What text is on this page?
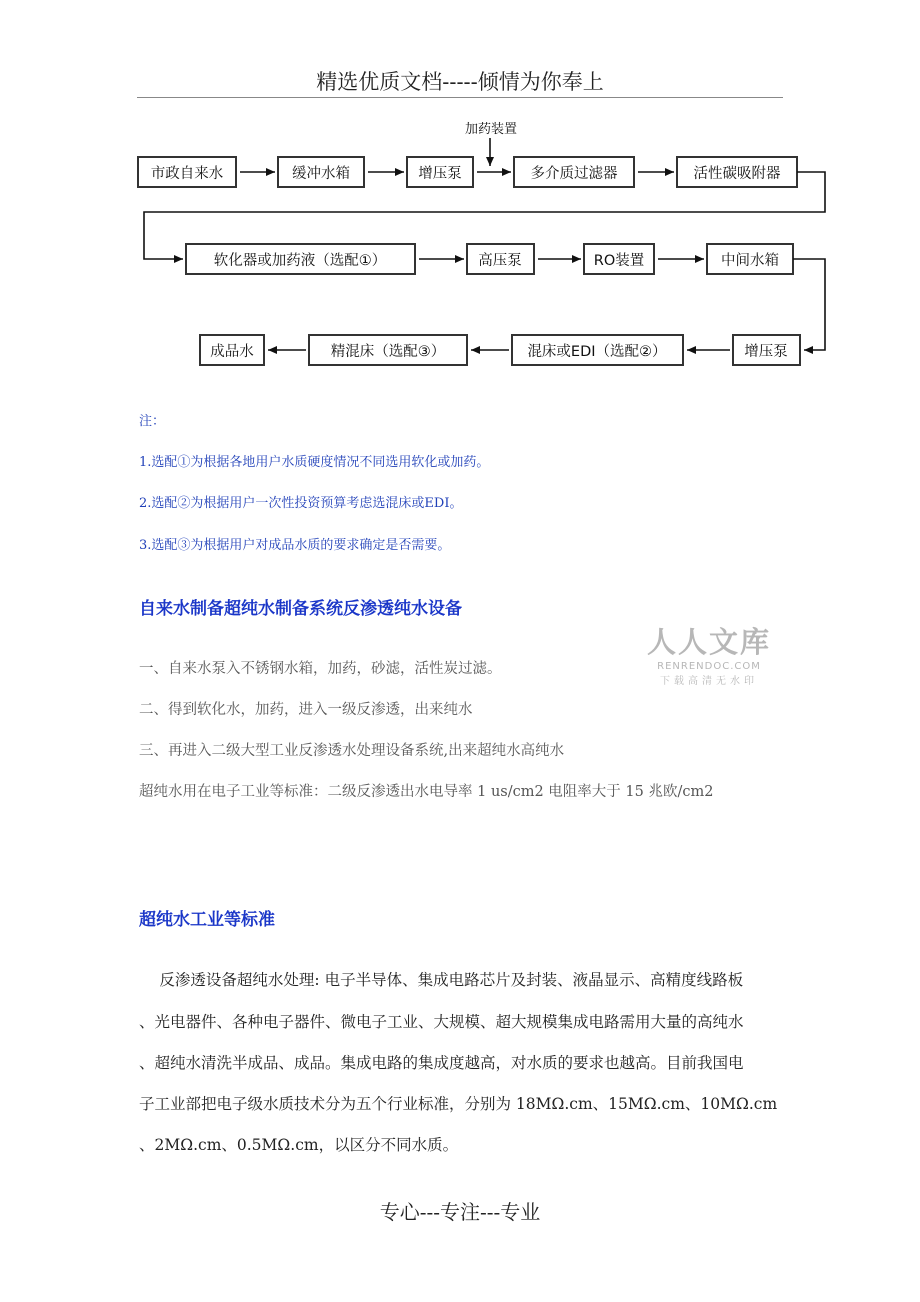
精选优质文档-----倾情为你奉上
加药装置
市政自来水	缓冲水箱	增压泵	多介质过滤器	活性碳吸附器
软化器或加药液（选配①）	高压泵	RO装置	中间水箱
成品水	精混床（选配③）	混床或EDI（选配②）	增压泵
注：
1.选配①为根据各地用户水质硬度情况不同选用软化或加药。
2.选配②为根据用户一次性投资预算考虑选混床或EDI。
3.选配③为根据用户对成品水质的要求确定是否需要。
自来水制备超纯水制备系统反渗透纯水设备
人人文库
RENRENDOC.COM
下载高清无水印
一、自来水泵入不锈钢水箱，加药，砂滤，活性炭过滤。
二、得到软化水，加药，进入一级反渗透，出来纯水
三、再进入二级大型工业反渗透水处理设备系统,出来超纯水高纯水
超纯水用在电子工业等标准：二级反渗透出水电导率 1 us/cm2 电阻率大于 15 兆欧/cm2
超纯水工业等标准
　 反渗透设备超纯水处理: 电子半导体、集成电路芯片及封装、液晶显示、高精度线路板
、光电器件、各种电子器件、微电子工业、大规模、超大规模集成电路需用大量的高纯水
、超纯水清洗半成品、成品。集成电路的集成度越高，对水质的要求也越高。目前我国电
子工业部把电子级水质技术分为五个行业标准，分别为 18MΩ.cm、15MΩ.cm、10MΩ.cm
、2MΩ.cm、0.5MΩ.cm，以区分不同水质。
专心---专注---专业
